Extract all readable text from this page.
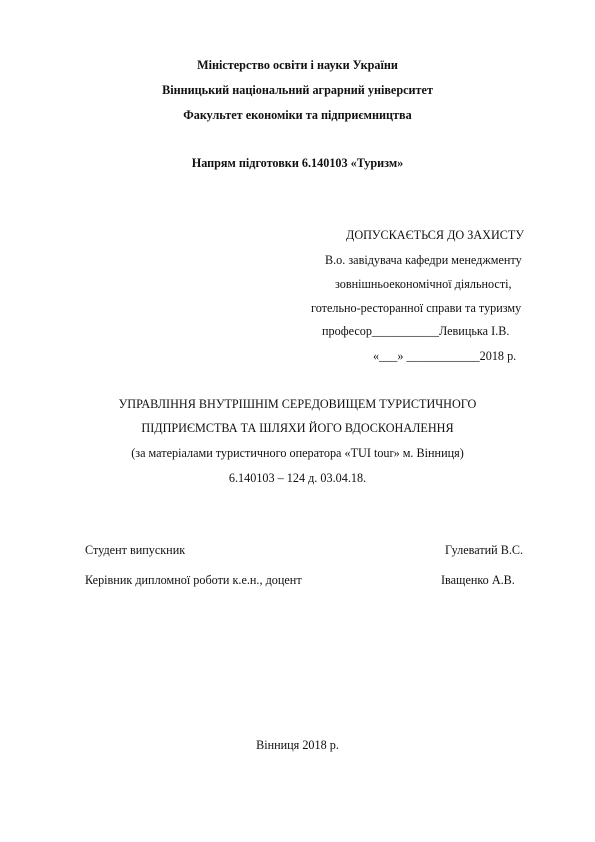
Міністерство освіти і науки України
Вінницький національний аграрний університет
Факультет економіки та підприємництва
Напрям підготовки 6.140103 «Туризм»
ДОПУСКАЄТЬСЯ ДО ЗАХИСТУ
В.о. завідувача кафедри менеджменту
зовнішньоекономічної діяльності,
готельно-ресторанної справи та туризму
професор___________Левицька І.В.
«___» ____________2018 р.
УПРАВЛІННЯ ВНУТРІШНІМ СЕРЕДОВИЩЕМ ТУРИСТИЧНОГО
ПІДПРИЄМСТВА ТА ШЛЯХИ ЙОГО ВДОСКОНАЛЕННЯ
(за матеріалами туристичного оператора «TUI tour» м. Вінниця)
6.140103 – 124 д. 03.04.18.
Студент випускник	Гулеватий В.С.
Керівник дипломної роботи к.е.н., доцент	Іващенко А.В.
Вінниця 2018 р.
